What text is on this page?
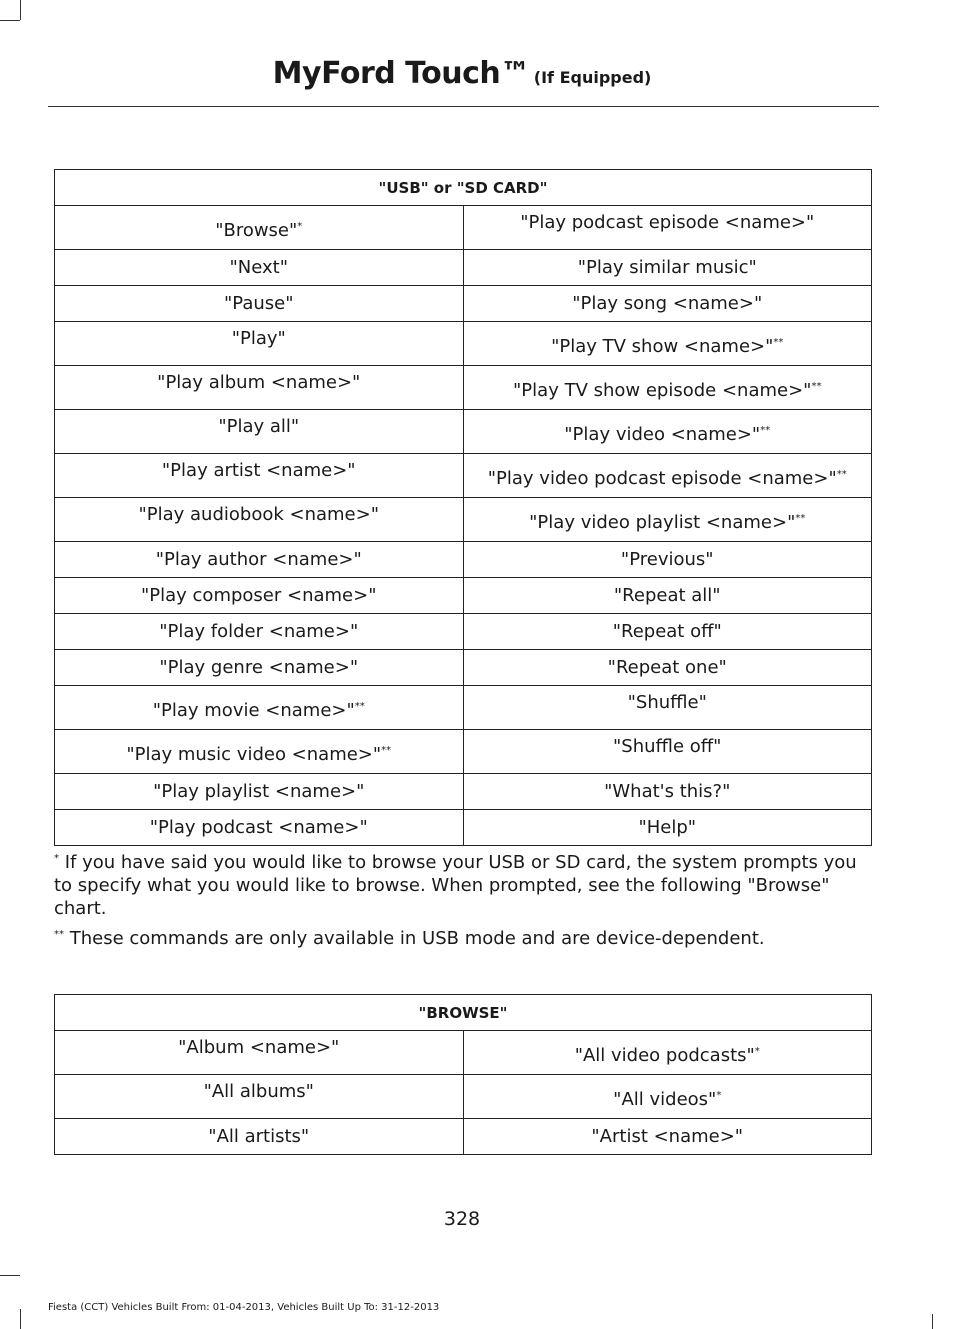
MyFord Touch™ (If Equipped)
"USB" or "SD CARD"	
"Browse"*	"Play podcast episode <name>"
"Next"	"Play similar music"
"Pause"	"Play song <name>"
"Play"	"Play TV show <name>"**
"Play album <name>"	"Play TV show episode <name>"**
"Play all"	"Play video <name>"**
"Play artist <name>"	"Play video podcast episode <name>"**
"Play audiobook <name>"	"Play video playlist <name>"**
"Play author <name>"	"Previous"
"Play composer <name>"	"Repeat all"
"Play folder <name>"	"Repeat off"
"Play genre <name>"	"Repeat one"
"Play movie <name>"**	"Shuffle"
"Play music video <name>"**	"Shuffle off"
"Play playlist <name>"	"What's this?"
"Play podcast <name>"	"Help"

* If you have said you would like to browse your USB or SD card, the system prompts you to specify what you would like to browse. When prompted, see the following "Browse" chart.

** These commands are only available in USB mode and are device-dependent.

"BROWSE"	
"Album <name>"	"All video podcasts"*
"All albums"	"All videos"*
"All artists"	"Artist <name>"
328
Fiesta (CCT) Vehicles Built From: 01-04-2013, Vehicles Built Up To: 31-12-2013
